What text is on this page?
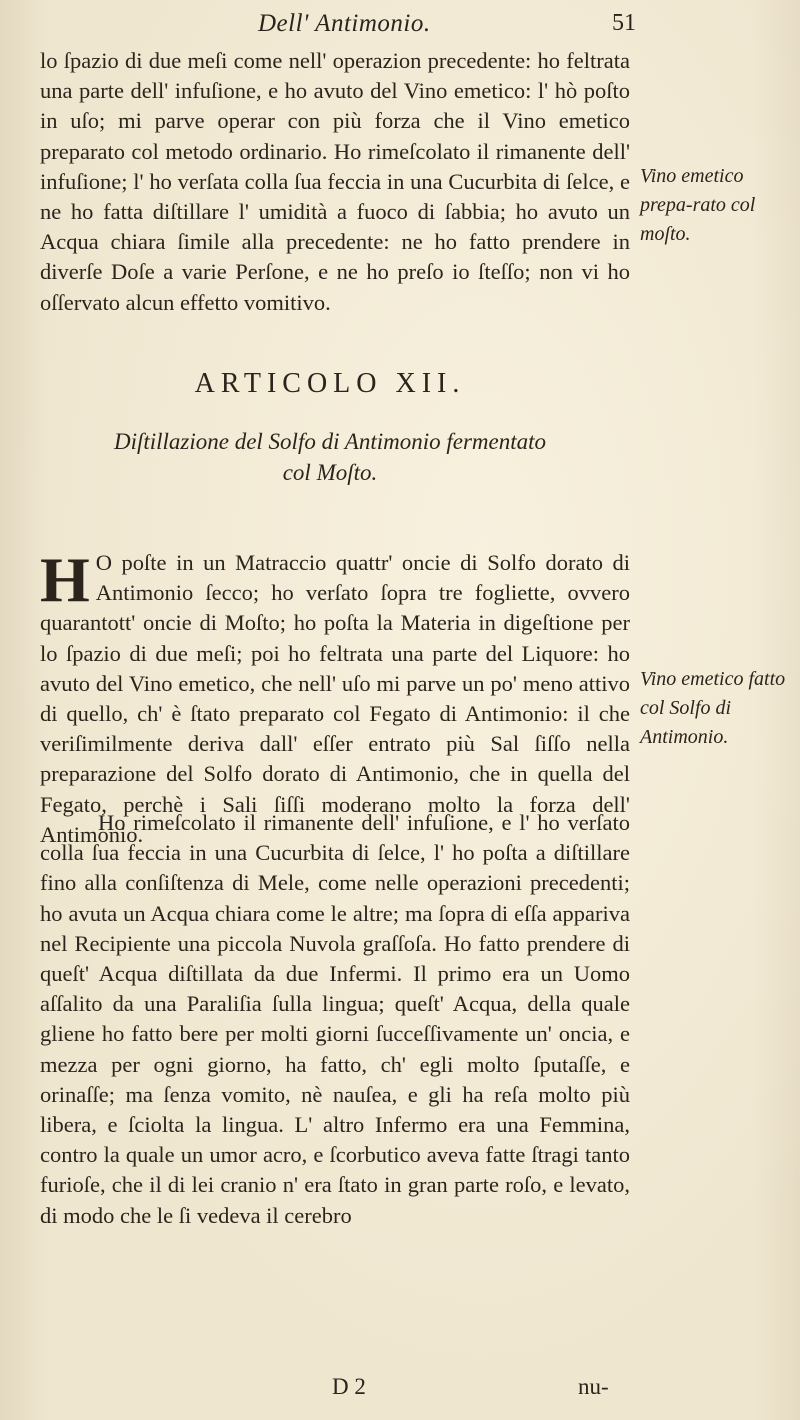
Dell' Antimonio.	51
lo ſpazio di due meſi come nell' operazion precedente: ho feltrata una parte dell' infuſione, e ho avuto del Vino emetico: l' hò poſto in uſo; mi parve operar con più forza che il Vino emetico preparato col metodo ordinario. Ho rimeſcolato il rimanente dell' infuſione; l' ho verſata colla ſua feccia in una Cucurbita di ſelce, e ne ho fatta diſtillare l' umidità a fuoco di ſabbia; ho avuto un Acqua chiara ſimile alla precedente: ne ho fatto prendere in diverſe Doſe a varie Perſone, e ne ho preſo io ſteſſo; non vi ho oſſervato alcun effetto vomitivo.
ARTICOLO XII.
Diſtillazione del Solfo di Antimonio fermentato
col Moſto.
H O poſte in un Matraccio quattr' oncie di Solfo dorato di Antimonio ſecco; ho verſato ſopra tre fogliette, ovvero quarantott' oncie di Moſto; ho poſta la Materia in digeſtione per lo ſpazio di due meſi; poi ho feltrata una parte del Liquore: ho avuto del Vino emetico, che nell' uſo mi parve un po' meno attivo di quello, ch' è ſtato preparato col Fegato di Antimonio: il che veriſimilmente deriva dall' eſſer entrato più Sal ſiſſo nella preparazione del Solfo dorato di Antimonio, che in quella del Fegato, perchè i Sali ſiſſi moderano molto la forza dell' Antimonio.
Ho rimeſcolato il rimanente dell' infuſione, e l' ho verſato colla ſua feccia in una Cucurbita di ſelce, l' ho poſta a diſtillare fino alla conſiſtenza di Mele, come nelle operazioni precedenti; ho avuta un Acqua chiara come le altre; ma ſopra di eſſa appariva nel Recipiente una piccola Nuvola graſſoſa. Ho fatto prendere di queſt' Acqua diſtillata da due Infermi. Il primo era un Uomo aſſalito da una Paraliſia ſulla lingua; queſt' Acqua, della quale gliene ho fatto bere per molti giorni ſucceſſivamente un' oncia, e mezza per ogni giorno, ha fatto, ch' egli molto ſputaſſe, e orinaſſe; ma ſenza vomito, nè nauſea, e gli ha reſa molto più libera, e ſciolta la lingua. L' altro Infermo era una Femmina, contro la quale un umor acro, e ſcorbutico aveva fatte ſtragi tanto furioſe, che il di lei cranio n' era ſtato in gran parte roſo, e levato, di modo che le ſi vedeva il cerebro
Vino emetico prepa-rato col moſto.
Vino emetico fatto col Solfo di Antimonio.
D 2	nu-
